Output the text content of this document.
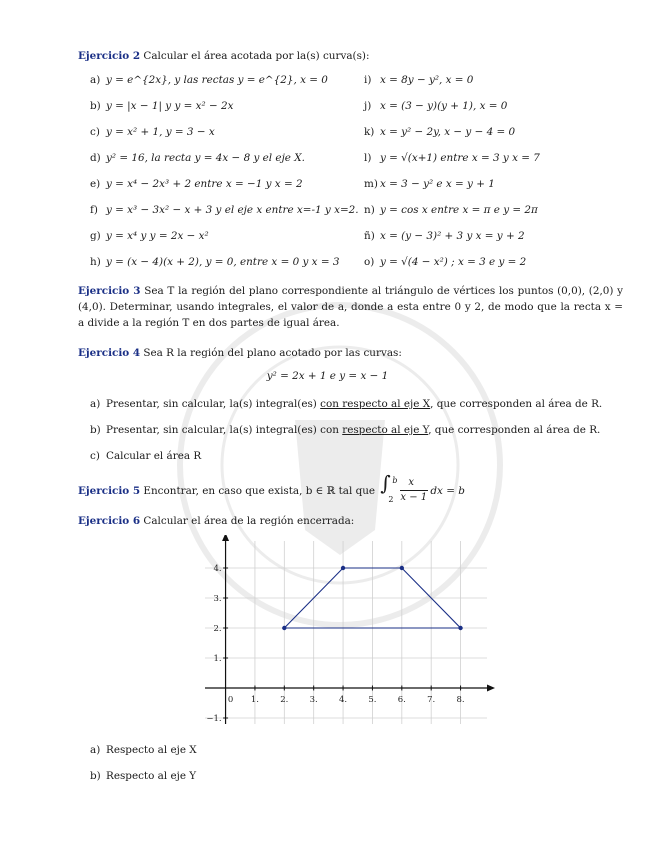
Ejercicio 2 Calcular el área acotada por la(s) curva(s):
a) y = e^{2x}, y las rectas y = e^{2}, x = 0	i) x = 8y − y², x = 0
b) y = |x − 1| y y = x² − 2x	j) x = (3 − y)(y + 1), x = 0
c) y = x² + 1, y = 3 − x	k) x = y² − 2y, x − y − 4 = 0
d) y² = 16, la recta y = 4x − 8 y el eje X.	l) y = √(x+1) entre x = 3 y x = 7
e) y = x⁴ − 2x³ + 2 entre x = −1 y x = 2	m) x = 3 − y² e x = y + 1
f) y = x³ − 3x² − x + 3 y el eje x entre x=-1 y x=2. n) y = cos x entre x = π e y = 2π
g) y = x⁴ y y = 2x − x²	ñ) x = (y − 3)² + 3 y x = y + 2
h) y = (x − 4)(x + 2), y = 0, entre x = 0 y x = 3 o) y = √(4 − x²) ; x = 3 e y = 2
Ejercicio 3 Sea T la región del plano correspondiente al triángulo de vértices los puntos (0,0), (2,0) y (4,0). Determinar, usando integrales, el valor de a, donde a esta entre 0 y 2, de modo que la recta x = a divide a la región T en dos partes de igual área.
Ejercicio 4 Sea R la región del plano acotado por las curvas:
y² = 2x + 1 e y = x − 1
a) Presentar, sin calcular, la(s) integral(es) con respecto al eje X, que corresponden al área de R.
b) Presentar, sin calcular, la(s) integral(es) con respecto al eje Y, que corresponden al área de R.
c) Calcular el área R
Ejercicio 5 Encontrar, en caso que exista, b ∈ ℝ tal que ∫ b
2
x
x − 1
dx = b
Ejercicio 6 Calcular el área de la región encerrada:
0 1.	2.	3.	4.	5.	6.	7.	8.
4.
3.
2.
1.
−1.
a) Respecto al eje X
b) Respecto al eje Y
